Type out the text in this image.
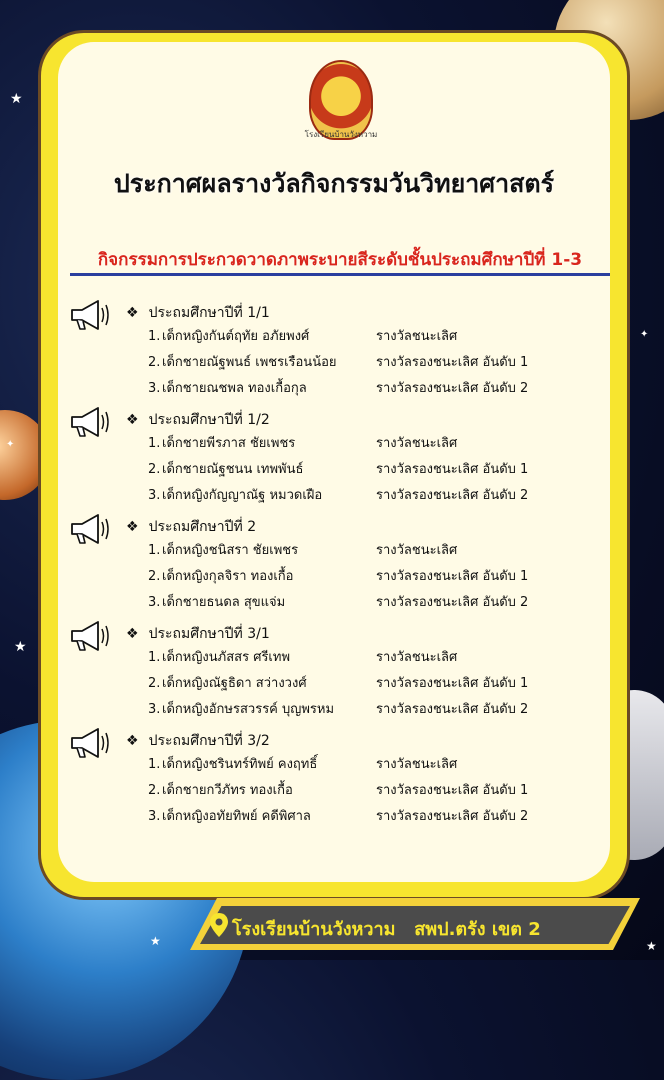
★
✦
★
✦
★
★
โรงเรียนบ้านวังหวาม
ประกาศผลรางวัลกิจกรรมวันวิทยาศาสตร์
กิจกรรมการประกวดวาดภาพระบายสีระดับชั้นประถมศึกษาปีที่ 1-3
❖ ประถมศึกษาปีที่ 1/1
1. เด็กหญิงกันต์ฤทัย อภัยพงศ์	รางวัลชนะเลิศ
2. เด็กชายณัฐพนธ์ เพชรเรือนน้อย	รางวัลรองชนะเลิศ อันดับ 1
3. เด็กชายณชพล ทองเกื้อกุล	รางวัลรองชนะเลิศ อันดับ 2
❖ ประถมศึกษาปีที่ 1/2
1. เด็กชายพีรภาส ชัยเพชร	รางวัลชนะเลิศ
2. เด็กชายณัฐชนน เทพพันธ์	รางวัลรองชนะเลิศ อันดับ 1
3. เด็กหญิงกัญญาณัฐ หมวดเฝือ	รางวัลรองชนะเลิศ อันดับ 2
❖ ประถมศึกษาปีที่ 2
1. เด็กหญิงชนิสรา ชัยเพชร	รางวัลชนะเลิศ
2. เด็กหญิงกุลจิรา ทองเกื้อ	รางวัลรองชนะเลิศ อันดับ 1
3. เด็กชายธนดล สุขแจ่ม	รางวัลรองชนะเลิศ อันดับ 2
❖ ประถมศึกษาปีที่ 3/1
1. เด็กหญิงนภัสสร ศรีเทพ	รางวัลชนะเลิศ
2. เด็กหญิงณัฐธิดา สว่างวงศ์	รางวัลรองชนะเลิศ อันดับ 1
3. เด็กหญิงอักษรสวรรค์ บุญพรหม	รางวัลรองชนะเลิศ อันดับ 2
❖ ประถมศึกษาปีที่ 3/2
1. เด็กหญิงชรินทร์ทิพย์ คงฤทธิ์	รางวัลชนะเลิศ
2. เด็กชายกวีภัทร ทองเกื้อ	รางวัลรองชนะเลิศ อันดับ 1
3. เด็กหญิงอทัยทิพย์ คดีพิศาล	รางวัลรองชนะเลิศ อันดับ 2
โรงเรียนบ้านวังหวาม สพป.ตรัง เขต 2
